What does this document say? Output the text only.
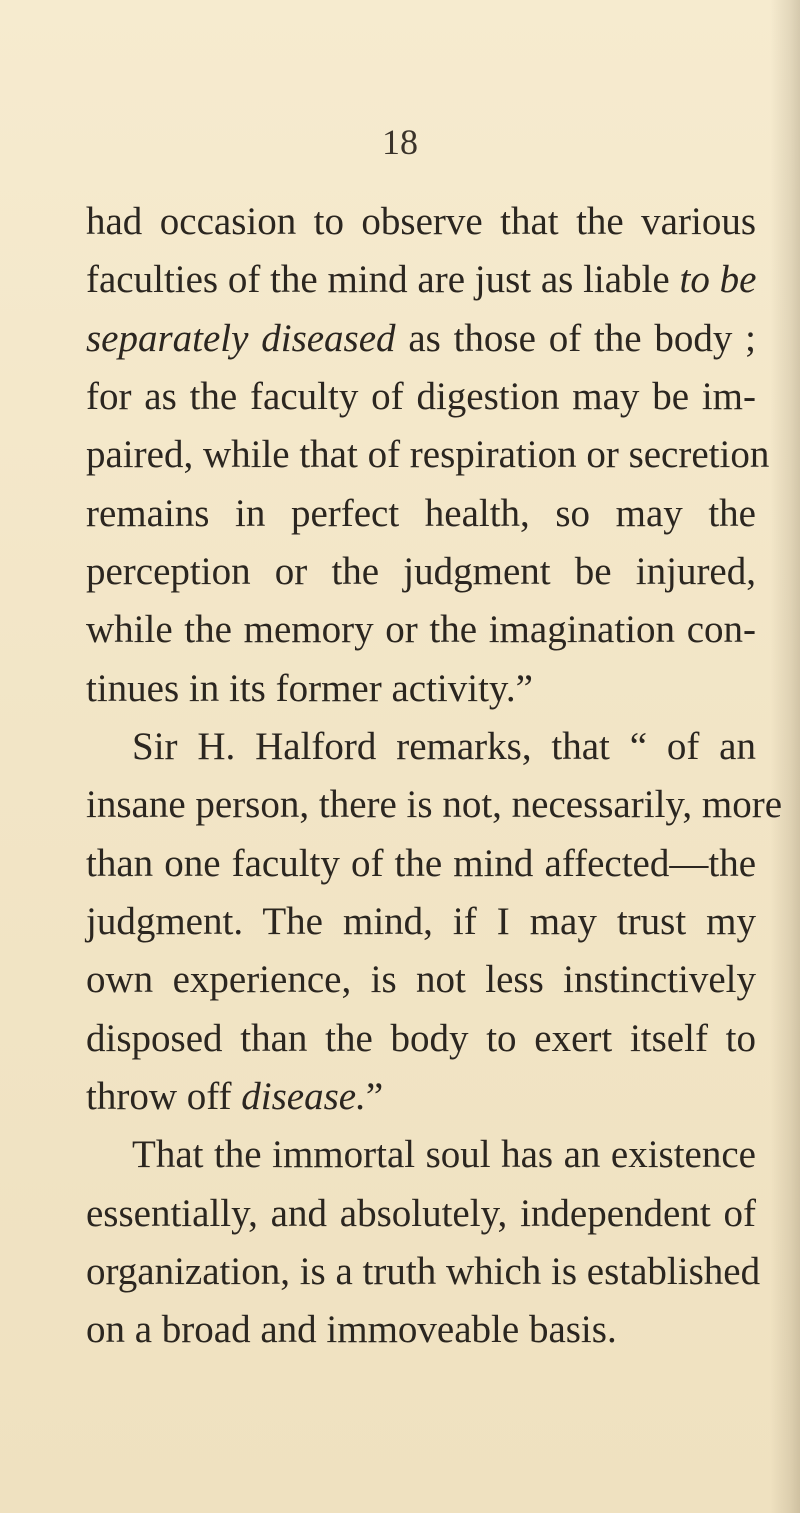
18
had occasion to observe that the various
faculties of the mind are just as liable to be
separately diseased as those of the body ;
for as the faculty of digestion may be im-
paired, while that of respiration or secretion
remains in perfect health, so may the
perception or the judgment be injured,
while the memory or the imagination con-
tinues in its former activity.”
Sir H. Halford remarks, that “ of an
insane person, there is not, necessarily, more
than one faculty of the mind affected—the
judgment. The mind, if I may trust my
own experience, is not less instinctively
disposed than the body to exert itself to
throw off disease.”
That the immortal soul has an existence
essentially, and absolutely, independent of
organization, is a truth which is established
on a broad and immoveable basis.
